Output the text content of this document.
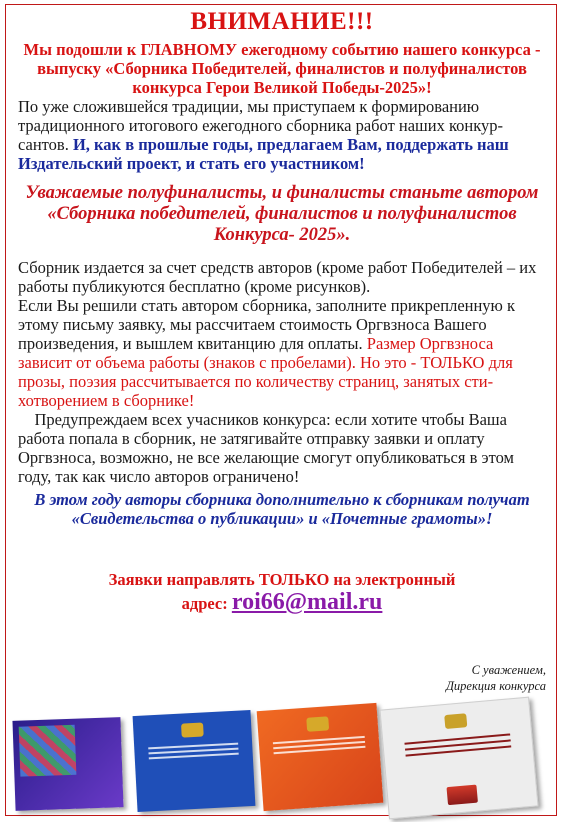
ВНИМАНИЕ!!!
Мы подошли к ГЛАВНОМУ ежегодному событию нашего конкурса - выпуску «Сборника Победителей, финалистов и полуфиналистов конкурса Герои Великой Победы-2025»!
По уже сложившейся традиции, мы приступаем к формированию традиционного итогового ежегодного сборника работ наших конкур-сантов. И, как в прошлые годы, предлагаем Вам, поддержать наш Издательский проект, и стать его участником!
Уважаемые полуфиналисты, и финалисты станьте автором «Сборника победителей, финалистов и полуфиналистов Конкурса- 2025».
Сборник издается за счет средств авторов (кроме работ Победителей – их работы публикуются бесплатно (кроме рисунков).
Если Вы решили стать автором сборника, заполните прикрепленную к этому письму заявку, мы рассчитаем стоимость Оргвзноса Вашего произведения, и вышлем квитанцию для оплаты. Размер Оргвзноса зависит от объема работы (знаков с пробелами). Но это - ТОЛЬКО для прозы, поэзия рассчитывается по количеству страниц, занятых сти-хотворением в сборнике!
Предупреждаем всех учасников конкурса: если хотите чтобы Ваша работа попала в сборник, не затягивайте отправку заявки и оплату Оргвзноса, возможно, не все желающие смогут опубликоваться в этом году, так как число авторов ограничено!
В этом году авторы сборника дополнительно к сборникам получат «Свидетельства о публикации» и «Почетные грамоты»!
Заявки направлять ТОЛЬКО на электронный
адрес: roi66@mail.ru
С уважением,
Дирекция конкурса
